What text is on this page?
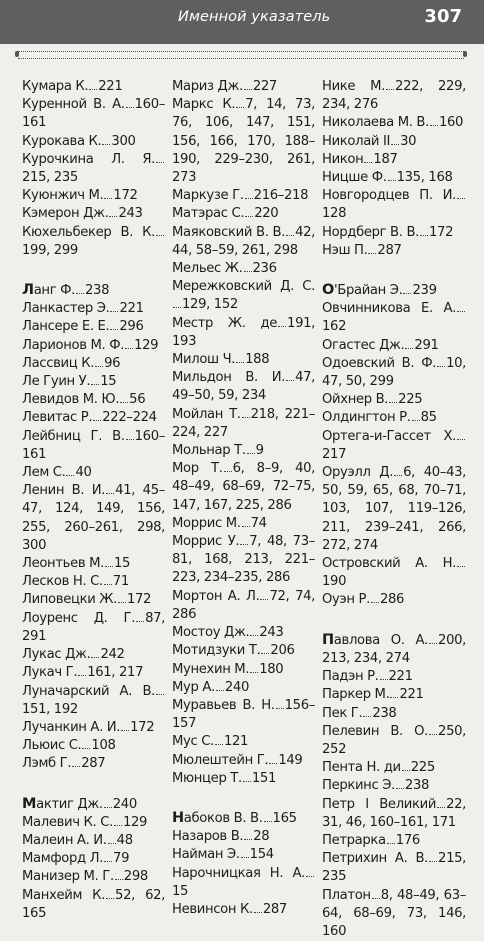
Именной указатель	307
Кумара К. 221
Куренной В. А. 160–161
Курокава К. 300
Курочкина Л. Я.215, 235
Куюнжич М. 172
Кэмерон Дж. 243
Кюхельбекер В. К.199, 299
Ланг Ф. 238
Ланкастер Э. 221
Лансере Е. Е. 296
Ларионов М. Ф. 129
Лассвиц К. 96
Ле Гуин У. 15
Левидов М. Ю. 56
Левитас Р. 222–224
Лейбниц Г. В. 160–161
Лем С. 40
Ленин В. И. 41, 45–47, 124, 149, 156, 255, 260–261, 298, 300
Леонтьев М. 15
Лесков Н. С. 71
Липовецки Ж. 172
Лоуренс Д. Г. 87, 291
Лукас Дж. 242
Лукач Г. 161, 217
Луначарский А. В.151, 192
Лучанкин А. И. 172
Льюис С. 108
Лэмб Г. 287
Мактиг Дж. 240
Малевич К. С. 129
Малеин А. И. 48
Мамфорд Л. 79
Манизер М. Г. 298
Манхейм К. 52, 62, 165
Мариз Дж. 227
Маркс К. 7, 14, 73, 76, 106, 147, 151, 156, 166, 170, 188–190, 229–230, 261, 273
Маркузе Г. 216–218
Матэрас С. 220
Маяковский В. В. 42, 44, 58–59, 261, 298
Мельес Ж. 236
Мережковский Д. С.129, 152
Местр Ж. де 191, 193
Милош Ч. 188
Мильдон В. И. 47, 49–50, 59, 234
Мойлан Т. 218, 221–224, 227
Мольнар Т. 9
Мор Т. 6, 8–9, 40, 48–49, 68–69, 72–75, 147, 167, 225, 286
Моррис М. 74
Моррис У. 7, 48, 73–81, 168, 213, 221–223, 234–235, 286
Мортон А. Л. 72, 74, 286
Мостоу Дж. 243
Мотидзуки Т. 206
Мунехин М. 180
Мур А. 240
Муравьев В. Н. 156–157
Мус С. 121
Мюлештейн Г. 149
Мюнцер Т. 151
Набоков В. В. 165
Назаров В. 28
Найман Э. 154
Нарочницкая Н. А.15
Невинсон К. 287
Нике М. 222, 229, 234, 276
Николаева М. В. 160
Николай II 30
Никон 187
Ницше Ф. 135, 168
Новгородцев П. И.128
Нордберг В. В. 172
Нэш П. 287
О'Брайан Э. 239
Овчинникова Е. А.162
Огастес Дж. 291
Одоевский В. Ф. 10, 47, 50, 299
Ойхнер В. 225
Олдингтон Р. 85
Ортега-и-Гассет Х.217
Оруэлл Д. 6, 40–43, 50, 59, 65, 68, 70–71, 103, 107, 119–126, 211, 239–241, 266, 272, 274
Островский А. Н.190
Оуэн Р. 286
Павлова О. А. 200, 213, 234, 274
Падэн Р. 221
Паркер М. 221
Пек Г. 238
Пелевин В. О. 250, 252
Пента Н. ди 225
Перкинс Э. 238
Петр I Великий 22, 31, 46, 160–161, 171
Петрарка 176
Петрихин А. В. 215, 235
Платон 8, 48–49, 63–64, 68–69, 73, 146, 160
